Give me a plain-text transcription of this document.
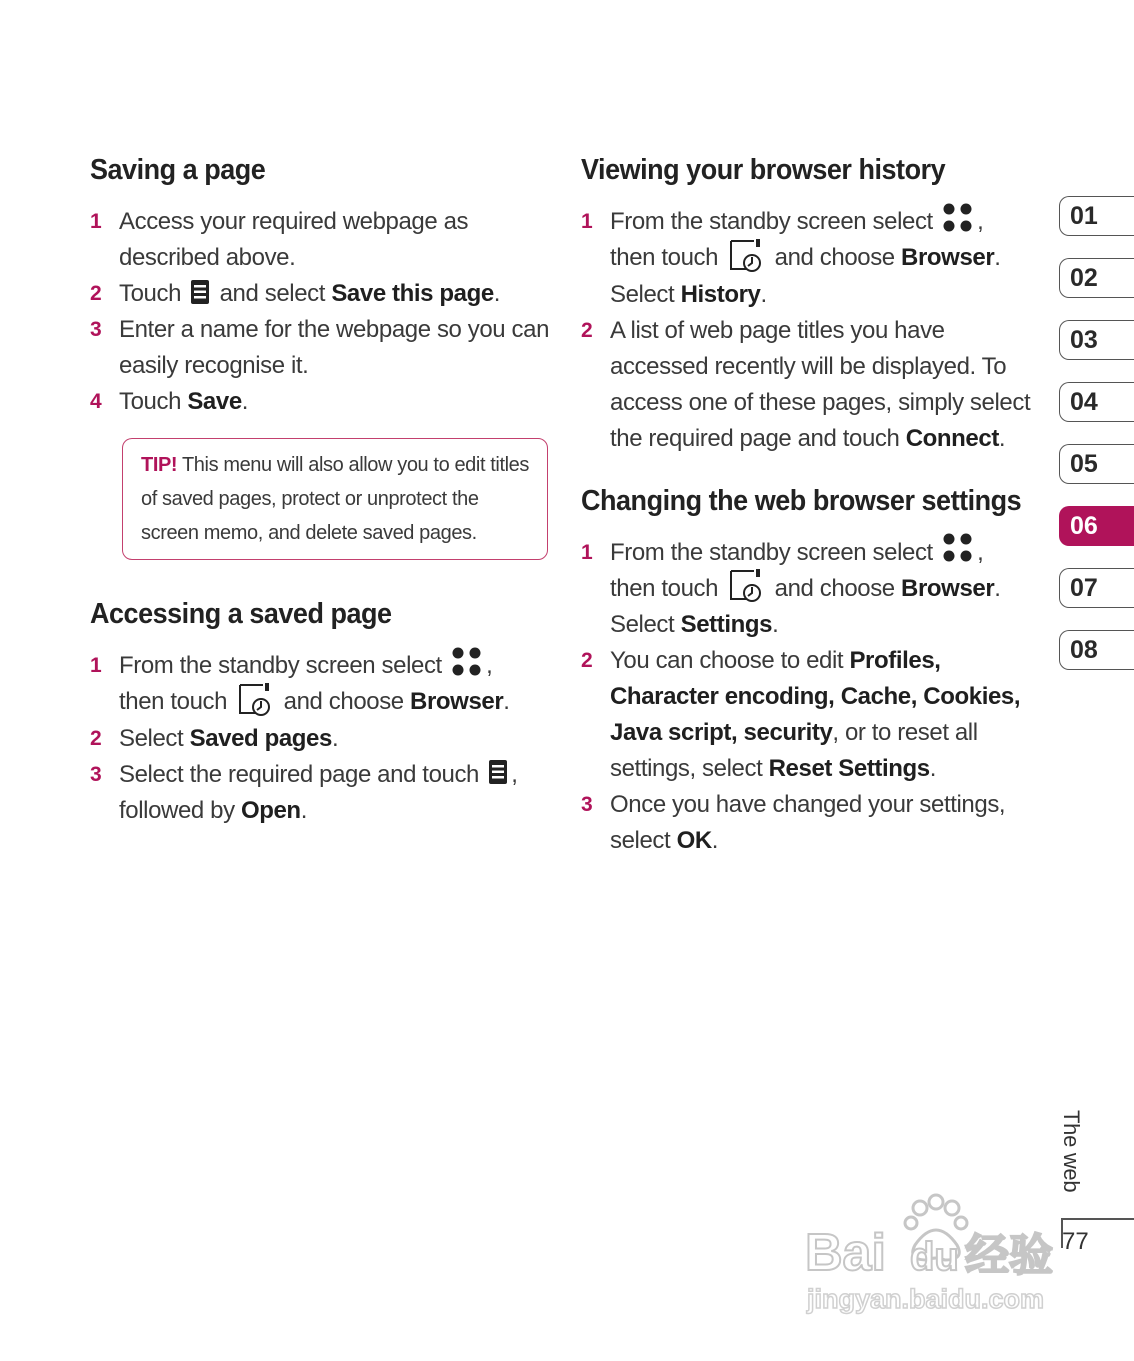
Saving a page
1 Access your required webpage as described above.
2 Touch and select Save this page.
3 Enter a name for the webpage so you can easily recognise it.
4 Touch Save.
TIP! This menu will also allow you to edit titles of saved pages, protect or unprotect the screen memo, and delete saved pages.
Accessing a saved page
1 From the standby screen select ,
then touch and choose Browser.
2 Select Saved pages.
3 Select the required page and touch ,
followed by Open.
Viewing your browser history
1 From the standby screen select ,
then touch and choose Browser.
Select History.
2 A list of web page titles you have accessed recently will be displayed. To access one of these pages, simply select the required page and touch Connect.
Changing the web browser settings
1 From the standby screen select ,
then touch and choose Browser.
Select Settings.
2 You can choose to edit Profiles, Character encoding, Cache, Cookies, Java script, security, or to reset all settings, select Reset Settings.
3 Once you have changed your settings, select OK.
01
02
03
04
05
06
07
08
The web
77
Bai du 经验
jingyan.baidu.com
